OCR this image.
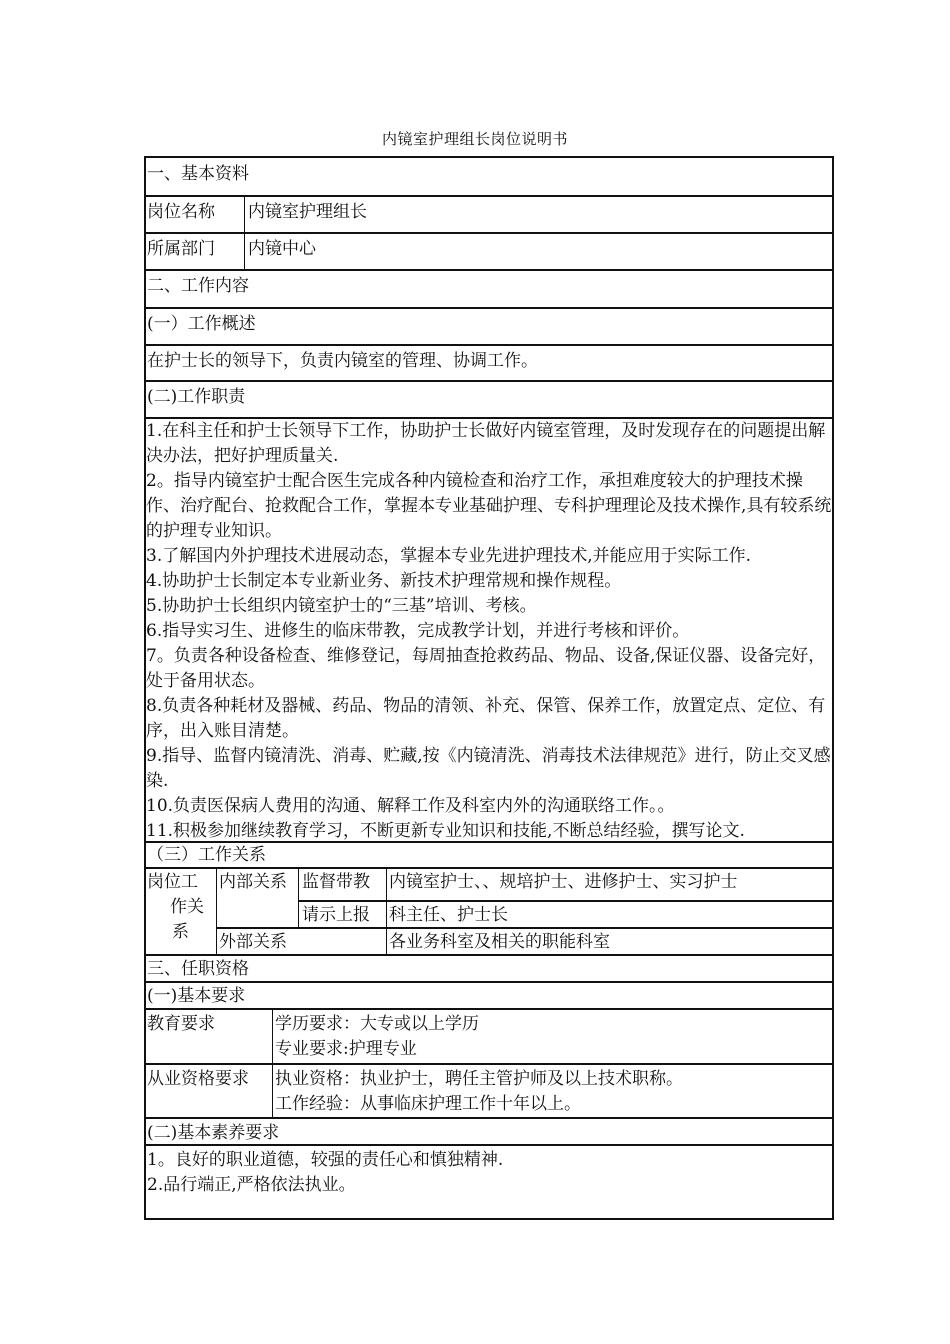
内镜室护理组长岗位说明书
一、基本资料
岗位名称 内镜室护理组长
所属部门 内镜中心
二、工作内容
(一）工作概述
在护士长的领导下，负责内镜室的管理、协调工作。
(二)工作职责
1.在科主任和护士长领导下工作，协助护士长做好内镜室管理，及时发现存在的问题提出解决办法，把好护理质量关.
2。指导内镜室护士配合医生完成各种内镜检查和治疗工作，承担难度较大的护理技术操作、治疗配台、抢救配合工作，掌握本专业基础护理、专科护理理论及技术操作,具有较系统的护理专业知识。
3.了解国内外护理技术进展动态，掌握本专业先进护理技术,并能应用于实际工作.
4.协助护士长制定本专业新业务、新技术护理常规和操作规程。
5.协助护士长组织内镜室护士的“三基”培训、考核。
6.指导实习生、进修生的临床带教，完成教学计划，并进行考核和评价。
7。负责各种设备检查、维修登记，每周抽查抢救药品、物品、设备,保证仪器、设备完好，处于备用状态。
8.负责各种耗材及器械、药品、物品的清领、补充、保管、保养工作，放置定点、定位、有序，出入账目清楚。
9.指导、监督内镜清洗、消毒、贮藏,按《内镜清洗、消毒技术法律规范》进行，防止交叉感染.
10.负责医保病人费用的沟通、解释工作及科室内外的沟通联络工作。。
11.积极参加继续教育学习，不断更新专业知识和技能,不断总结经验，撰写论文.
（三）工作关系
岗位工
作关
系
内部关系 监督带教 内镜室护士、、规培护士、进修护士、实习护士
请示上报 科主任、护士长
外部关系	各业务科室及相关的职能科室
三、任职资格
(一)基本要求
教育要求	学历要求：大专或以上学历
专业要求:护理专业
从业资格要求 执业资格：执业护士，聘任主管护师及以上技术职称。
工作经验：从事临床护理工作十年以上。
(二)基本素养要求
1。良好的职业道德，较强的责任心和慎独精神.
2.品行端正,严格依法执业。
